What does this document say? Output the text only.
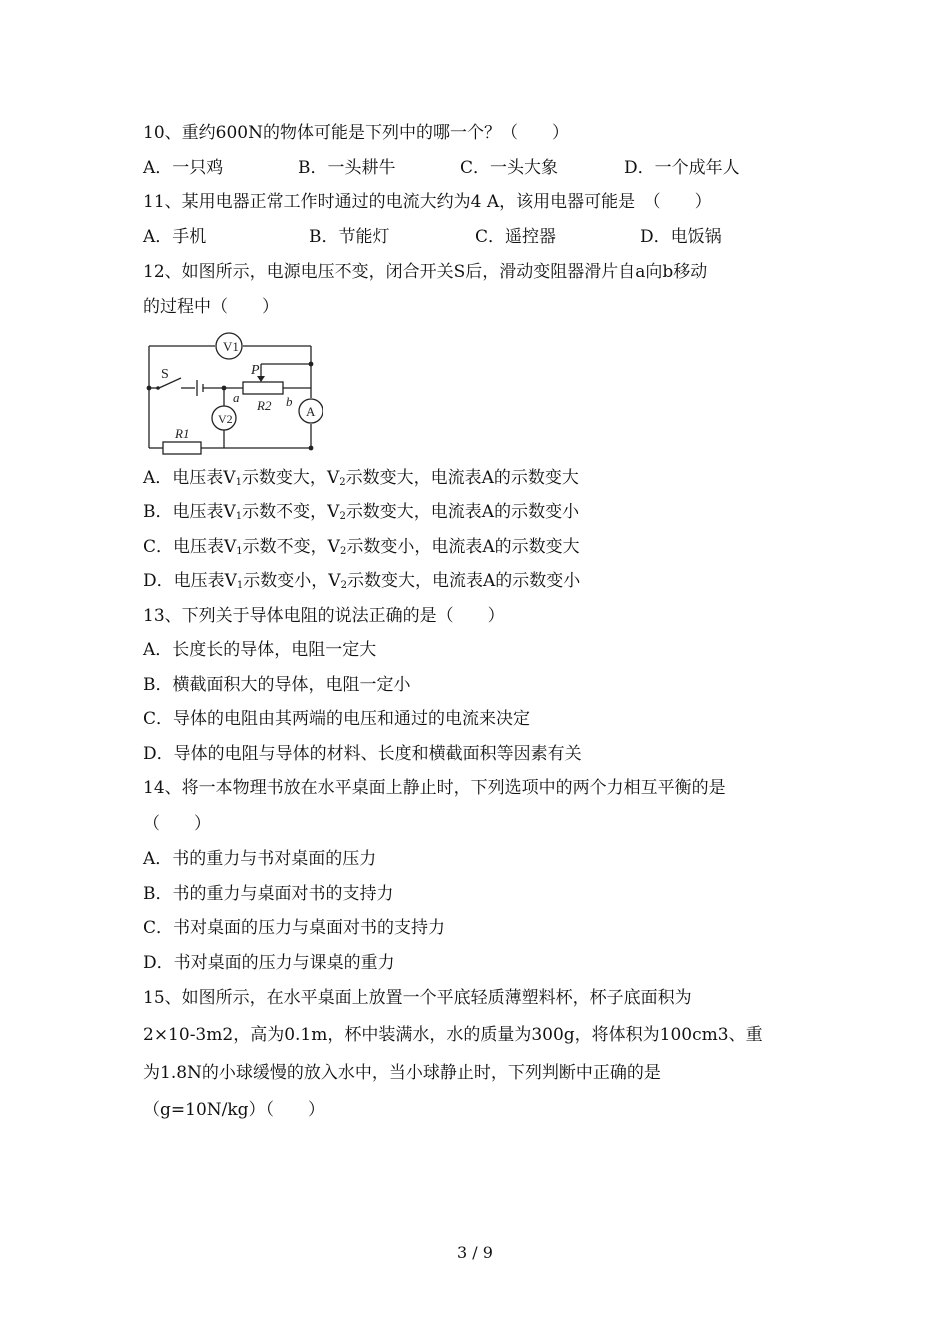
10、重约600N的物体可能是下列中的哪一个？（　　）
A．一只鸡	B．一头耕牛	C．一头大象	D．一个成年人
11、某用电器正常工作时通过的电流大约为4 A，该用电器可能是　（　　）
A．手机	B．节能灯	C．遥控器	D．电饭锅
12、如图所示，电源电压不变，闭合开关S后，滑动变阻器滑片自a向b移动
的过程中（　　）
V1
V2	A
S	P
R2
R1
a	b
A．电压表$V_1$示数变大，$V_2$示数变大，电流表A的示数变大
B．电压表$V_1$示数不变，$V_2$示数变大，电流表A的示数变小
C．电压表$V_1$示数不变，$V_2$示数变小，电流表A的示数变大
D．电压表$V_1$示数变小，$V_2$示数变大，电流表A的示数变小
13、下列关于导体电阻的说法正确的是（　　）
A．长度长的导体，电阻一定大
B．横截面积大的导体，电阻一定小
C．导体的电阻由其两端的电压和通过的电流来决定
D．导体的电阻与导体的材料、长度和横截面积等因素有关
14、将一本物理书放在水平桌面上静止时，下列选项中的两个力相互平衡的是
（　　）
A．书的重力与书对桌面的压力
B．书的重力与桌面对书的支持力
C．书对桌面的压力与桌面对书的支持力
D．书对桌面的压力与课桌的重力
15、如图所示，在水平桌面上放置一个平底轻质薄塑料杯，杯子底面积为
2×10-3m2，高为0.1m，杯中装满水，水的质量为300g，将体积为100cm3、重
为1.8N的小球缓慢的放入水中，当小球静止时，下列判断中正确的是
（g=10N/kg）（　　）
3 / 9
